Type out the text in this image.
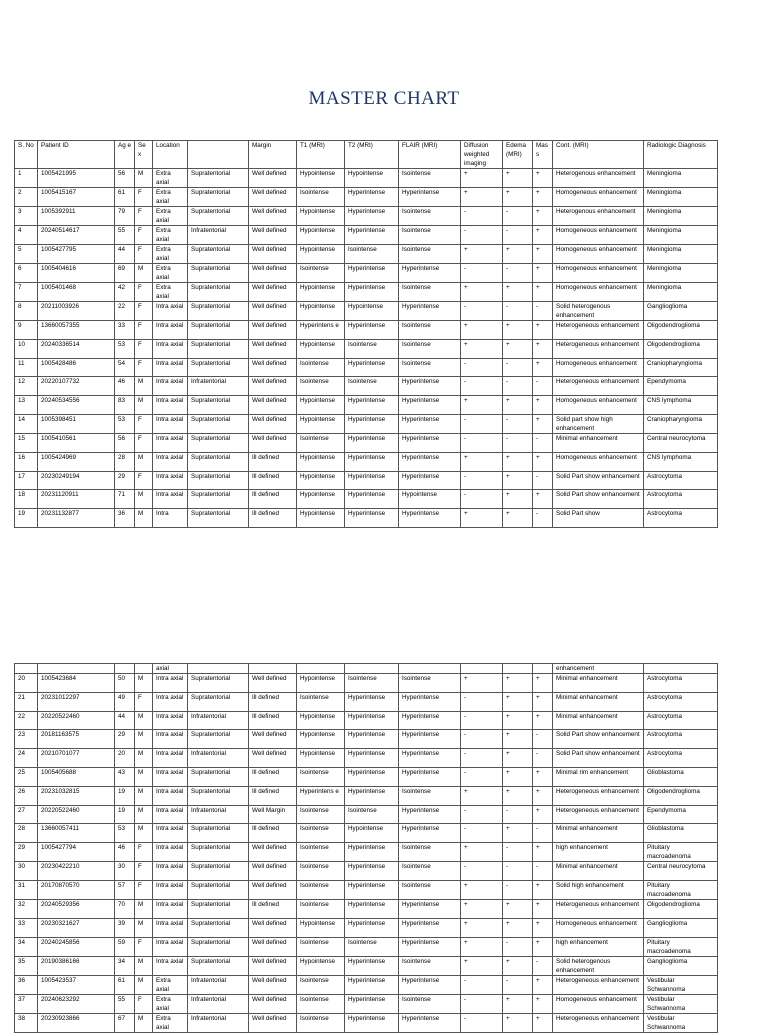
MASTER CHART
S. No	Patient ID	Ag e	Se x	Location		Margin	T1 (MRI)	T2 (MRI)	FLAIR (MRI)	Diffusion weighted imaging	Edema (MRI)	Mas s	Cont. (MRI)	Radiologic Diagnosis
1	1005421995	56	M	Extra axial	Supratentorial	Well defined	Hypointense	Hypointense	Isointense	+	+	+	Heterogenous enhancement	Meningioma
2	1005415167	61	F	Extra axial	Supratentorial	Well defined	Isointense	Hyperintense	Hyperintense	+	+	+	Homogeneous enhancement	Meningioma
3	1005392911	79	F	Extra axial	Supratentorial	Well defined	Hypointense	Hyperintense	Isointense	-	-	+	Heterogenous enhancement	Meningioma
4	20240514617	55	F	Extra axial	Infratentorial	Well defined	Hypointense	Hyperintense	Isointense	-	-	+	Homogeneous enhancement	Meningioma
5	1005427795	44	F	Extra axial	Supratentorial	Well defined	Hypointense	Isointense	Isointense	+	+	+	Homogeneous enhancement	Meningioma
6	1005404616	69	M	Extra axial	Supratentorial	Well defined	Isointense	Hyperintense	Hyperintense	-	-	+	Homogeneous enhancement	Meningioma
7	1005401468	42	F	Extra axial	Supratentorial	Well defined	Hypointense	Hyperintense	Isointense	+	+	+	Homogeneous enhancement	Meningioma
8	20211003926	22	F	Intra axial	Supratentorial	Well defined	Hypointense	Hypointense	Hyperintense	-	-	-	Solid heterogenous enhancement	Ganglioglioma
9	13660057355	33	F	Intra axial	Supratentorial	Well defined	Hyperintens e	Hyperintense	Isointense	+	+	+	Heterogeneous enhancement	Oligodendroglioma
10	20240336514	53	F	Intra axial	Supratentorial	Well defined	Hypointense	Isointense	Isointense	+	+	+	Heterogeneous enhancement	Oligodendroglioma
11	1005428486	54	F	Intra axial	Supratentorial	Well defined	Isointense	Hyperintense	Isointense	-	-	+	Homogeneous enhancement	Craniopharyngioma
12	20220107732	46	M	Intra axial	Infratentorial	Well defined	Isointense	Isointense	Hyperintense	-	-	-	Heterogeneous enhancement	Ependymoma
13	20240534556	83	M	Intra axial	Supratentorial	Well defined	Hypointense	Hyperintense	Hyperintense	+	+	+	Homogeneous enhancement	CNS lymphoma
14	1005398451	53	F	Intra axial	Supratentorial	Well defined	Hypointense	Hyperintense	Hyperintense	-	-	+	Solid part show high enhancement	Craniopharyngioma
15	1005410561	56	F	Intra axial	Supratentorial	Well defined	Isointense	Hyperintense	Hyperintense	-	-	-	Minimal enhancement	Central neurocytoma
16	1005424969	28	M	Intra axial	Supratentorial	Ill defined	Hypointense	Hyperintense	Hyperintense	+	+	+	Homogeneous enhancement	CNS lymphoma
17	20230249194	29	F	Intra axial	Supratentorial	Ill defined	Hypointense	Hyperintense	Hyperintense	-	+	-	Solid Part show enhancement	Astrocytoma
18	20231120911	71	M	Intra axial	Supratentorial	Ill defined	Hypointense	Hyperintense	Hypointense	-	+	+	Solid Part show enhancement	Astrocytoma
19	20231132877	36	M	Intra	Supratentorial	Ill defined	Hypointense	Hyperintense	Hyperintense	+	+	-	Solid Part show	Astrocytoma
				axial									enhancement	
20	1005423684	50	M	Intra axial	Supratentorial	Well defined	Hypointense	Isointense	Isointense	+	+	+	Minimal enhancement	Astrocytoma
21	20231012297	49	F	Intra axial	Supratentorial	Ill defined	Isointense	Hyperintense	Hyperintense	-	+	+	Minimal enhancement	Astrocytoma
22	20220522460	44	M	Intra axial	Infratentorial	Ill defined	Hypointense	Hyperintense	Hyperintense	-	+	+	Minimal enhancement	Astrocytoma
23	20181163575	29	M	Intra axial	Supratentorial	Well defined	Hypointense	Hyperintense	Hyperintense	-	+	-	Solid Part show enhancement	Astrocytoma
24	20210701077	20	M	Intra axial	Infratentorial	Well defined	Hypointense	Hyperintense	Hyperintense	-	+	-	Solid Part show enhancement	Astrocytoma
25	1005405688	43	M	Intra axial	Supratentorial	Ill defined	Isointense	Hyperintense	Hyperintense	-	+	+	Minimal rim enhancement	Glioblastoma
26	20231032815	19	M	Intra axial	Supratentorial	Ill defined	Hyperintens e	Hyperintense	Isointense	+	+	+	Heterogeneous enhancement	Oligodendroglioma
27	20220522460	19	M	Intra axial	Infratentorial	Well Margin	Isointense	Isointense	Hyperintense	-	-	+	Heterogeneous enhancement	Ependymoma
28	13660057411	53	M	Intra axial	Supratentorial	Ill defined	Isointense	Hypointense	Hyperintense	-	+	-	Minimal enhancement	Glioblastoma
29	1005427794	46	F	Intra axial	Supratentorial	Well defined	Isointense	Hyperintense	Isointense	+	-	+	high enhancement	Pituitary macroadenoma
30	20230422210	30	F	Intra axial	Supratentorial	Well defined	Isointense	Hyperintense	Isointense	-	-	-	Minimal enhancement	Central neurocytoma
31	20170870570	57	F	Intra axial	Supratentorial	Well defined	Isointense	Hyperintense	Isointense	+	-	+	Solid high enhancement	Pituitary macroadenoma
32	20240529356	70	M	Intra axial	Supratentorial	Ill defined	Isointense	Hyperintense	Hyperintense	+	+	+	Heterogeneous enhancement	Oligodendroglioma
33	20230321627	39	M	Intra axial	Supratentorial	Well defined	Hypointense	Hyperintense	Hyperintense	+	+	+	Homogeneous enhancement	Ganglioglioma
34	20240245856	59	F	Intra axial	Supratentorial	Well defined	Isointense	Isointense	Hyperintense	+	-	+	high enhancement	Pituitary macroadenoma
35	20190386166	34	M	Intra axial	Supratentorial	Well defined	Hypointense	Hyperintense	Isointense	+	+	-	Solid heterogenous enhancement	Ganglioglioma
36	1005423537	61	M	Extra axial	Infratentorial	Well defined	Isointense	Hyperintense	Hyperintense	-	-	+	Heterogeneous enhancement	Vestibular Schwannoma
37	20240623292	55	F	Extra axial	Infratentorial	Well defined	Isointense	Hyperintense	Isointense	-	+	+	Homogeneous enhancement	Vestibular Schwannoma
38	20230923866	67	M	Extra axial	Infratentorial	Well defined	Isointense	Hyperintense	Hyperintense	-	+	+	Heterogeneous enhancement	Vestibular Schwannoma
